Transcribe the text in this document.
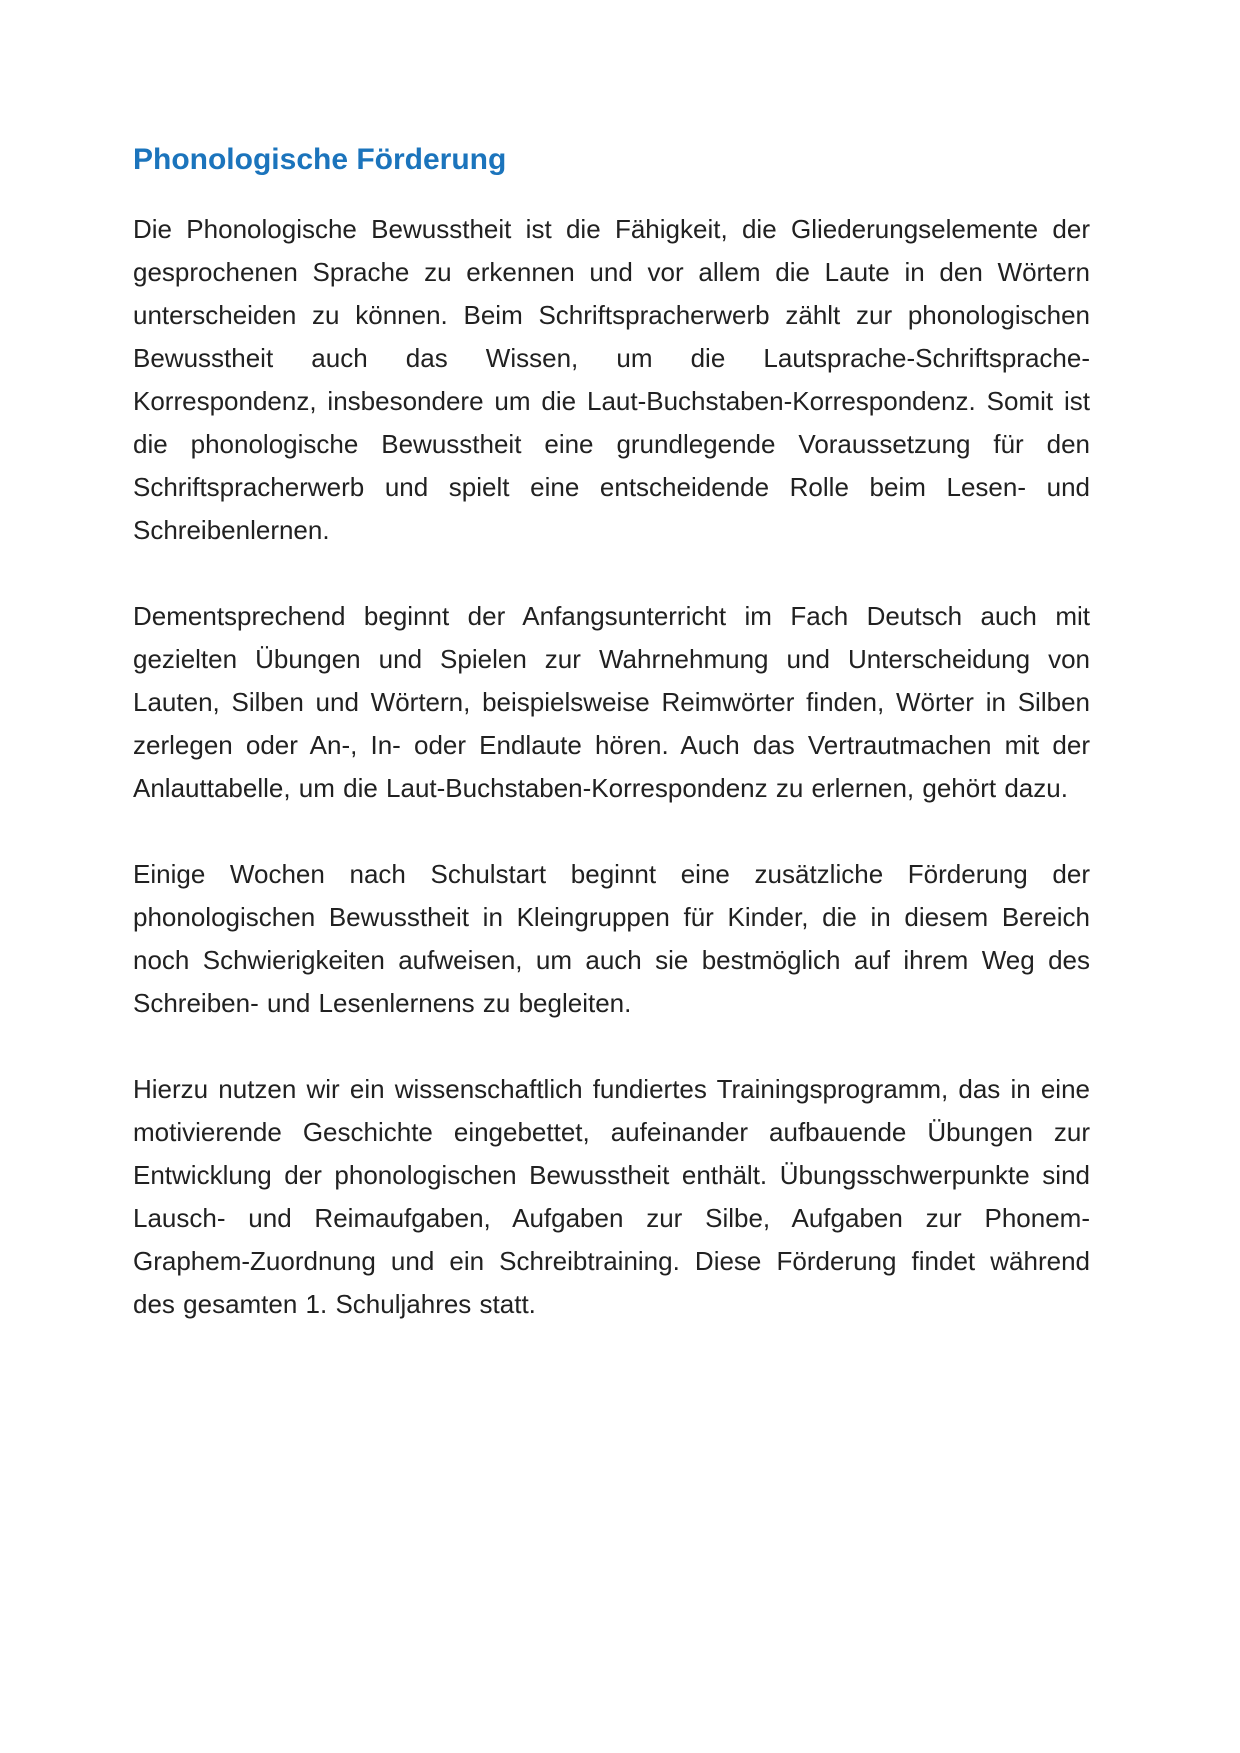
Phonologische Förderung

Die Phonologische Bewusstheit ist die Fähigkeit, die Gliederungselemente der gesprochenen Sprache zu erkennen und vor allem die Laute in den Wörtern unterscheiden zu können. Beim Schriftspracherwerb zählt zur phonologischen Bewusstheit auch das Wissen, um die Lautsprache-Schriftsprache-Korrespondenz, insbesondere um die Laut-Buchstaben-Korrespondenz. Somit ist die phonologische Bewusstheit eine grundlegende Voraussetzung für den Schriftspracherwerb und spielt eine entscheidende Rolle beim Lesen- und Schreibenlernen.

Dementsprechend beginnt der Anfangsunterricht im Fach Deutsch auch mit gezielten Übungen und Spielen zur Wahrnehmung und Unterscheidung von Lauten, Silben und Wörtern, beispielsweise Reimwörter finden, Wörter in Silben zerlegen oder An-, In- oder Endlaute hören. Auch das Vertrautmachen mit der Anlauttabelle, um die Laut-Buchstaben-Korrespondenz zu erlernen, gehört dazu.

Einige Wochen nach Schulstart beginnt eine zusätzliche Förderung der phonologischen Bewusstheit in Kleingruppen für Kinder, die in diesem Bereich noch Schwierigkeiten aufweisen, um auch sie bestmöglich auf ihrem Weg des Schreiben- und Lesenlernens zu begleiten.

Hierzu nutzen wir ein wissenschaftlich fundiertes Trainingsprogramm, das in eine motivierende Geschichte eingebettet, aufeinander aufbauende Übungen zur Entwicklung der phonologischen Bewusstheit enthält. Übungsschwerpunkte sind Lausch- und Reimaufgaben, Aufgaben zur Silbe, Aufgaben zur Phonem-Graphem-Zuordnung und ein Schreibtraining. Diese Förderung findet während des gesamten 1. Schuljahres statt.
